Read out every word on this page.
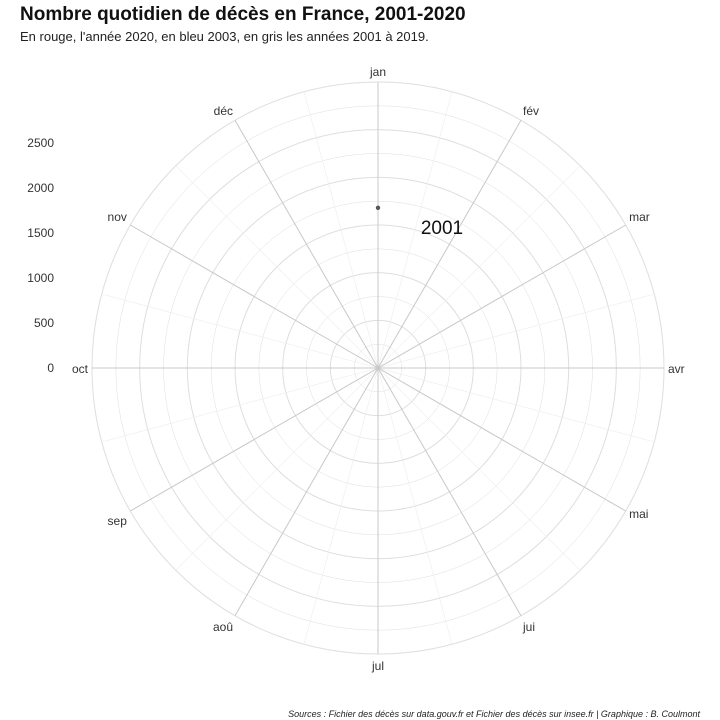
Nombre quotidien de décès en France, 2001-2020
En rouge, l'année 2020, en bleu 2003, en gris les années 2001 à 2019.
jan
fév
mar
avr
mai
jui
jul
aoû
sep
oct
nov
déc
0
500
1000
1500
2000
2500
2001
Sources : Fichier des décès sur data.gouv.fr et Fichier des décès sur insee.fr | Graphique : B. Coulmont
